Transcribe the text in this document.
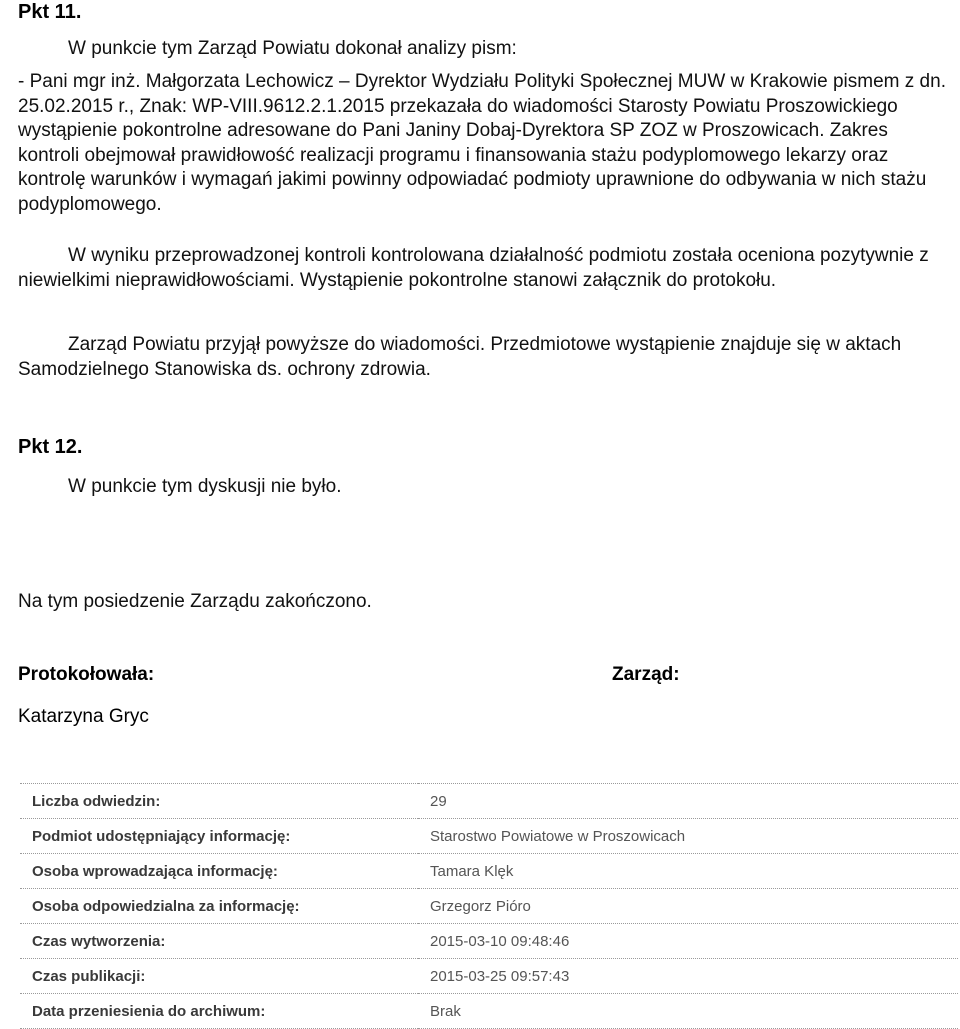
Pkt 11.

W punkcie tym Zarząd Powiatu dokonał analizy pism:

- Pani mgr inż. Małgorzata Lechowicz – Dyrektor Wydziału Polityki Społecznej MUW w Krakowie pismem z dn. 25.02.2015 r., Znak: WP-VIII.9612.2.1.2015 przekazała do wiadomości Starosty Powiatu Proszowickiego wystąpienie pokontrolne adresowane do Pani Janiny Dobaj-Dyrektora SP ZOZ w Proszowicach. Zakres kontroli obejmował prawidłowość realizacji programu i finansowania stażu podyplomowego lekarzy oraz kontrolę warunków i wymagań jakimi powinny odpowiadać podmioty uprawnione do odbywania w nich stażu podyplomowego.

W wyniku przeprowadzonej kontroli kontrolowana działalność podmiotu została oceniona pozytywnie z niewielkimi nieprawidłowościami. Wystąpienie pokontrolne stanowi załącznik do protokołu.

Zarząd Powiatu przyjął powyższe do wiadomości. Przedmiotowe wystąpienie znajduje się w aktach Samodzielnego Stanowiska ds. ochrony zdrowia.

Pkt 12.

W punkcie tym dyskusji nie było.

Na tym posiedzenie Zarządu zakończono.

Protokołowała:	Zarząd:

Katarzyna Gryc

Liczba odwiedzin:	29
Podmiot udostępniający informację:	Starostwo Powiatowe w Proszowicach
Osoba wprowadzająca informację:	Tamara Klęk
Osoba odpowiedzialna za informację:	Grzegorz Pióro
Czas wytworzenia:	2015-03-10 09:48:46
Czas publikacji:	2015-03-25 09:57:43
Data przeniesienia do archiwum:	Brak
